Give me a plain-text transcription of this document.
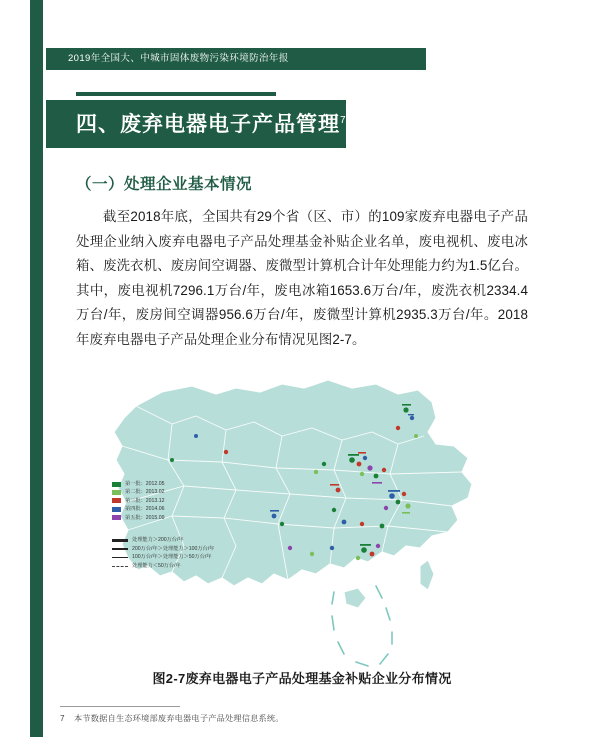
2019年全国大、中城市固体废物污染环境防治年报
四、废弃电器电子产品管理$^7$
（一）处理企业基本情况
截至2018年底，全国共有29个省（区、市）的109家废弃电器电子产品处理企业纳入废弃电器电子产品处理基金补贴企业名单，废电视机、废电冰箱、废洗衣机、废房间空调器、废微型计算机合计年处理能力约为1.5亿台。其中，废电视机7296.1万台/年，废电冰箱1653.6万台/年，废洗衣机2334.4万台/年，废房间空调器956.6万台/年，废微型计算机2935.3万台/年。2018年废弃电器电子产品处理企业分布情况见图2-7。
第一批：2012.05
第二批：2013.02
第三批：2013.12
第四批：2014.06
第五批：2015.09
处理能力＞200万台/年
200万台/年＞处理能力＞100万台/年
100万台/年＞处理能力＞50万台/年
处理能力＜50万台/年
图2-7废弃电器电子产品处理基金补贴企业分布情况
7 本节数据自生态环境部废弃电器电子产品处理信息系统。
